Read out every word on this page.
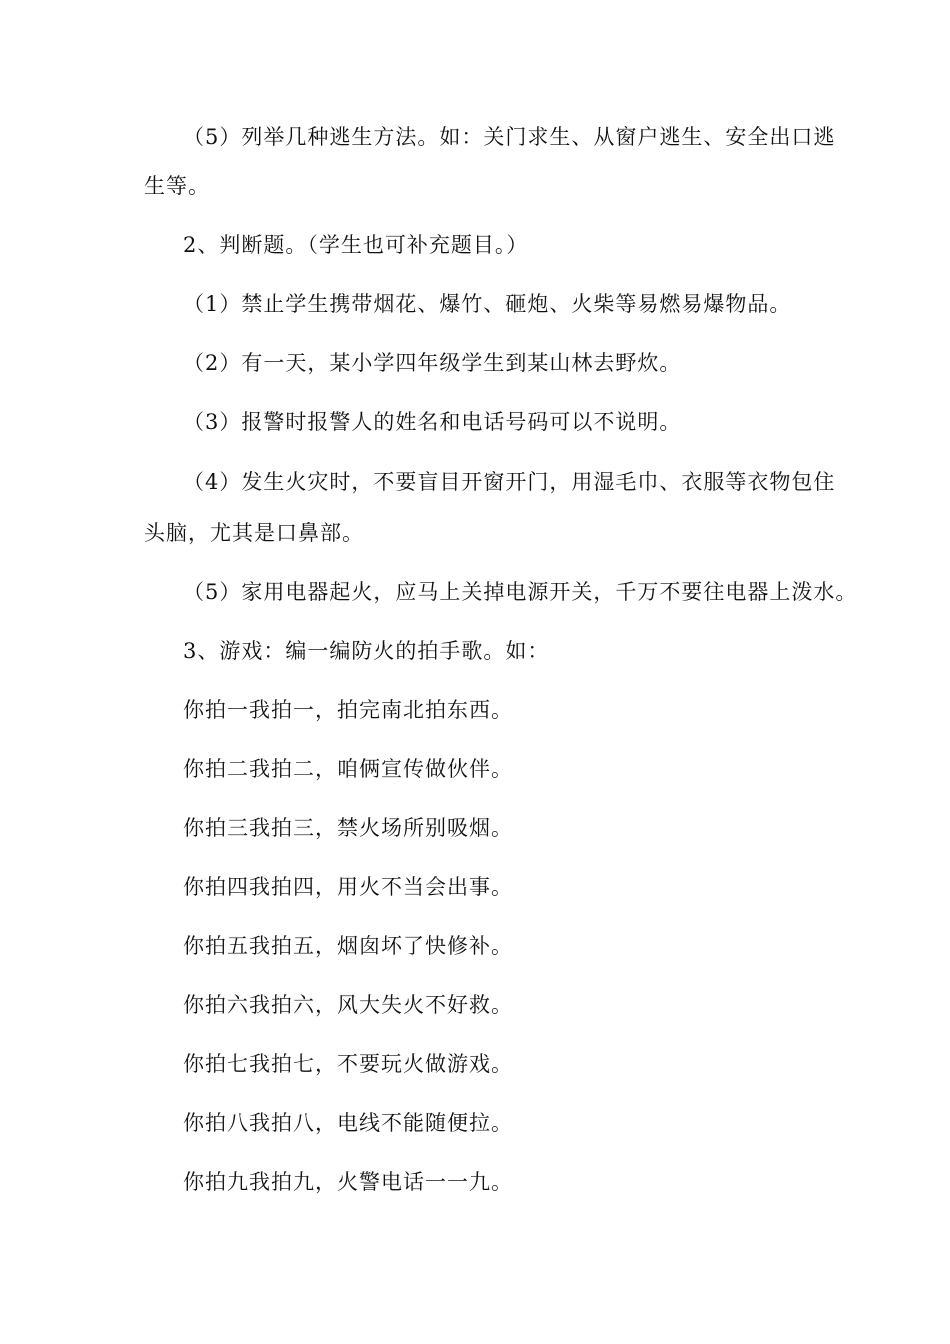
（5）列举几种逃生方法。如：关门求生、从窗户逃生、安全出口逃
生等。
2、判断题。（学生也可补充题目。）
（1）禁止学生携带烟花、爆竹、砸炮、火柴等易燃易爆物品。
（2）有一天，某小学四年级学生到某山林去野炊。
（3）报警时报警人的姓名和电话号码可以不说明。
（4）发生火灾时，不要盲目开窗开门，用湿毛巾、衣服等衣物包住
头脑，尤其是口鼻部。
（5）家用电器起火，应马上关掉电源开关，千万不要往电器上泼水。
3、游戏：编一编防火的拍手歌。如：
你拍一我拍一，拍完南北拍东西。
你拍二我拍二，咱俩宣传做伙伴。
你拍三我拍三，禁火场所别吸烟。
你拍四我拍四，用火不当会出事。
你拍五我拍五，烟囱坏了快修补。
你拍六我拍六，风大失火不好救。
你拍七我拍七，不要玩火做游戏。
你拍八我拍八，电线不能随便拉。
你拍九我拍九，火警电话一一九。
